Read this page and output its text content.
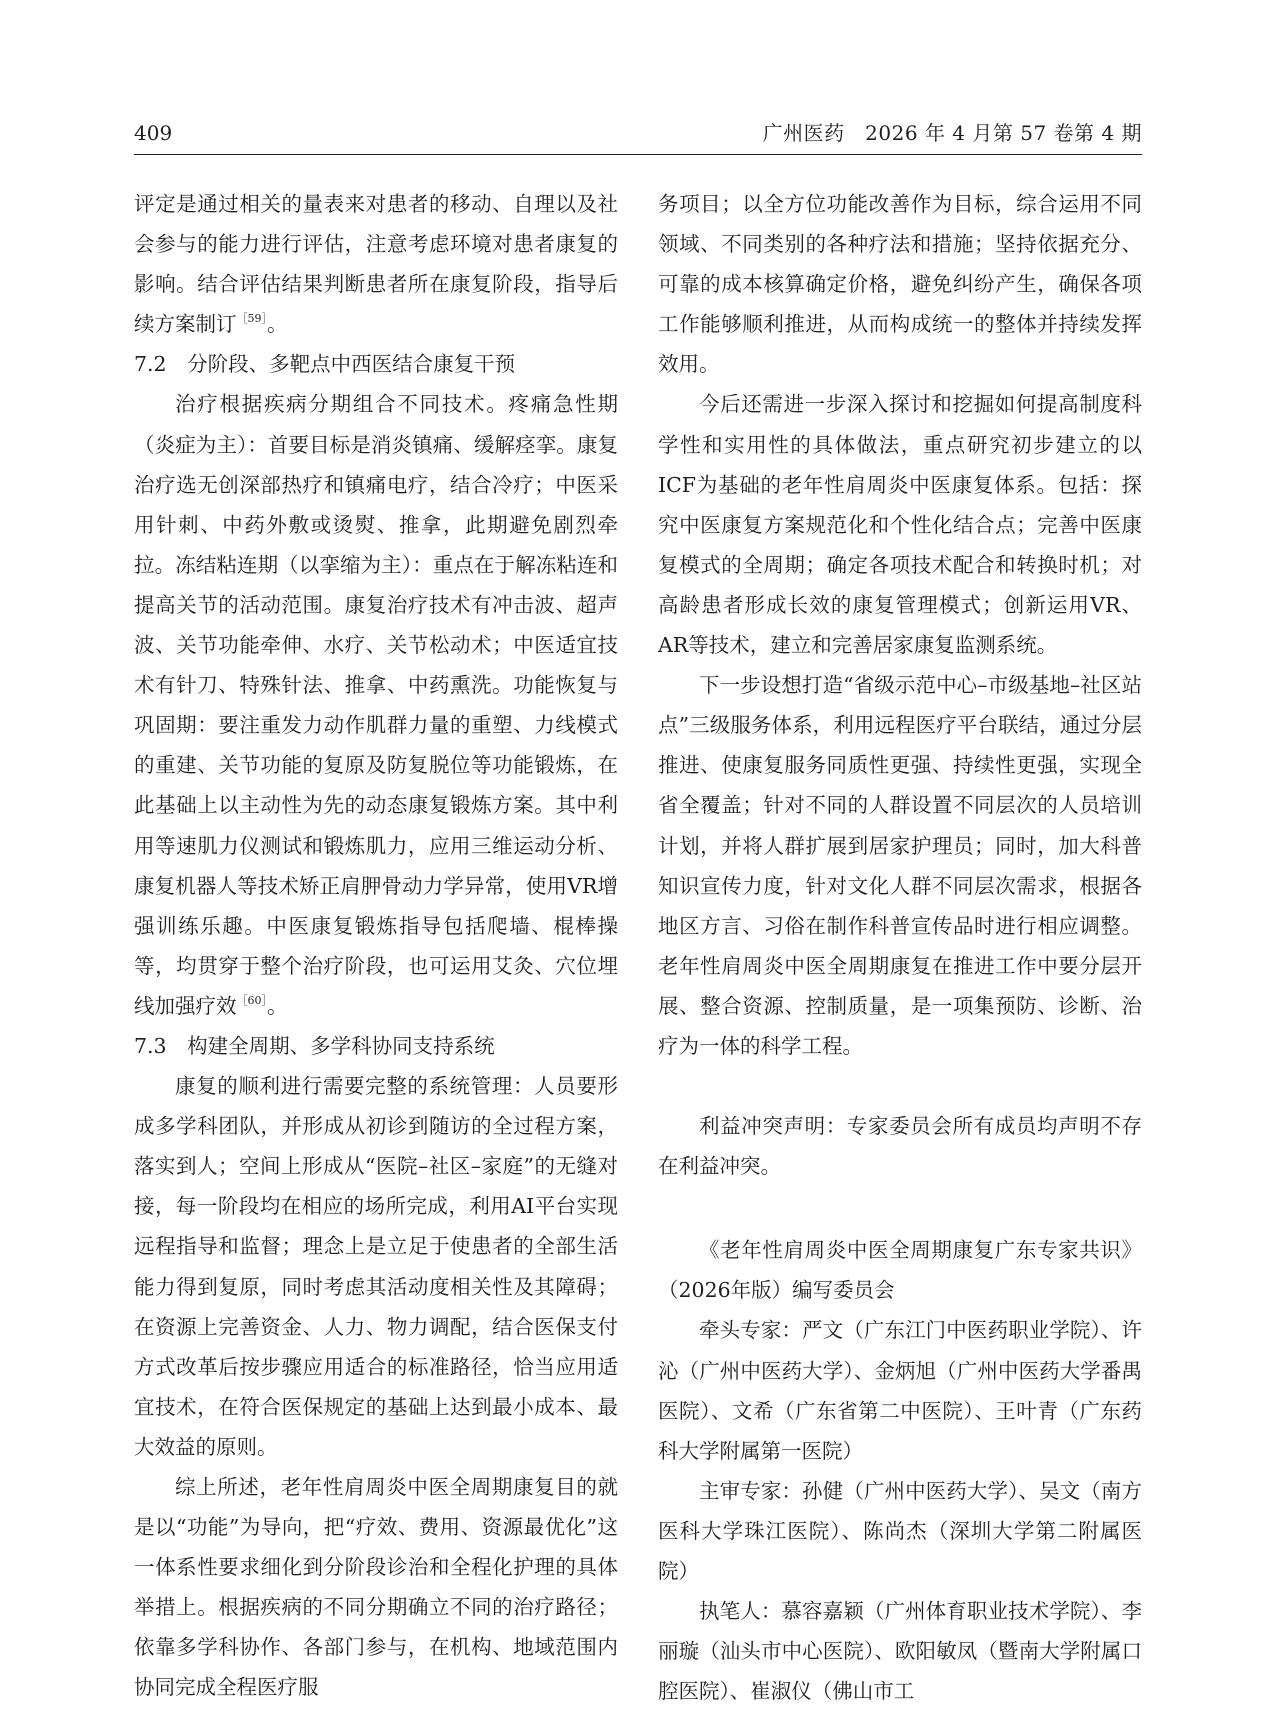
409	广州医药　2026 年 4 月第 57 卷第 4 期

评定是通过相关的量表来对患者的移动、自理以及社会参与的能力进行评估，注意考虑环境对患者康复的影响。结合评估结果判断患者所在康复阶段，指导后续方案制订$^{[59]}$。

7.2　分阶段、多靶点中西医结合康复干预

治疗根据疾病分期组合不同技术。疼痛急性期（炎症为主）：首要目标是消炎镇痛、缓解痉挛。康复治疗选无创深部热疗和镇痛电疗，结合冷疗；中医采用针刺、中药外敷或烫熨、推拿，此期避免剧烈牵拉。冻结粘连期（以挛缩为主）：重点在于解冻粘连和提高关节的活动范围。康复治疗技术有冲击波、超声波、关节功能牵伸、水疗、关节松动术；中医适宜技术有针刀、特殊针法、推拿、中药熏洗。功能恢复与巩固期：要注重发力动作肌群力量的重塑、力线模式的重建、关节功能的复原及防复脱位等功能锻炼，在此基础上以主动性为先的动态康复锻炼方案。其中利用等速肌力仪测试和锻炼肌力，应用三维运动分析、康复机器人等技术矫正肩胛骨动力学异常，使用VR增强训练乐趣。中医康复锻炼指导包括爬墙、棍棒操等，均贯穿于整个治疗阶段，也可运用艾灸、穴位埋线加强疗效$^{[60]}$。

7.3　构建全周期、多学科协同支持系统

康复的顺利进行需要完整的系统管理：人员要形成多学科团队，并形成从初诊到随访的全过程方案，落实到人；空间上形成从“医院–社区–家庭”的无缝对接，每一阶段均在相应的场所完成，利用AI平台实现远程指导和监督；理念上是立足于使患者的全部生活能力得到复原，同时考虑其活动度相关性及其障碍；在资源上完善资金、人力、物力调配，结合医保支付方式改革后按步骤应用适合的标准路径，恰当应用适宜技术，在符合医保规定的基础上达到最小成本、最大效益的原则。

综上所述，老年性肩周炎中医全周期康复目的就是以“功能”为导向，把“疗效、费用、资源最优化”这一体系性要求细化到分阶段诊治和全程化护理的具体举措上。根据疾病的不同分期确立不同的治疗路径；依靠多学科协作、各部门参与，在机构、地域范围内协同完成全程医疗服

务项目；以全方位功能改善作为目标，综合运用不同领域、不同类别的各种疗法和措施；坚持依据充分、可靠的成本核算确定价格，避免纠纷产生，确保各项工作能够顺利推进，从而构成统一的整体并持续发挥效用。

今后还需进一步深入探讨和挖掘如何提高制度科学性和实用性的具体做法，重点研究初步建立的以ICF为基础的老年性肩周炎中医康复体系。包括：探究中医康复方案规范化和个性化结合点；完善中医康复模式的全周期；确定各项技术配合和转换时机；对高龄患者形成长效的康复管理模式；创新运用VR、AR等技术，建立和完善居家康复监测系统。

下一步设想打造“省级示范中心–市级基地–社区站点”三级服务体系，利用远程医疗平台联结，通过分层推进、使康复服务同质性更强、持续性更强，实现全省全覆盖；针对不同的人群设置不同层次的人员培训计划，并将人群扩展到居家护理员；同时，加大科普知识宣传力度，针对文化人群不同层次需求，根据各地区方言、习俗在制作科普宣传品时进行相应调整。老年性肩周炎中医全周期康复在推进工作中要分层开展、整合资源、控制质量，是一项集预防、诊断、治疗为一体的科学工程。

利益冲突声明：专家委员会所有成员均声明不存在利益冲突。

《老年性肩周炎中医全周期康复广东专家共识》（2026年版）编写委员会

牵头专家：严文（广东江门中医药职业学院）、许沁（广州中医药大学）、金炳旭（广州中医药大学番禺医院）、文希（广东省第二中医院）、王叶青（广东药科大学附属第一医院）

主审专家：孙健（广州中医药大学）、吴文（南方医科大学珠江医院）、陈尚杰（深圳大学第二附属医院）

执笔人：慕容嘉颖（广州体育职业技术学院）、李丽璇（汕头市中心医院）、欧阳敏凤（暨南大学附属口腔医院）、崔淑仪（佛山市工
